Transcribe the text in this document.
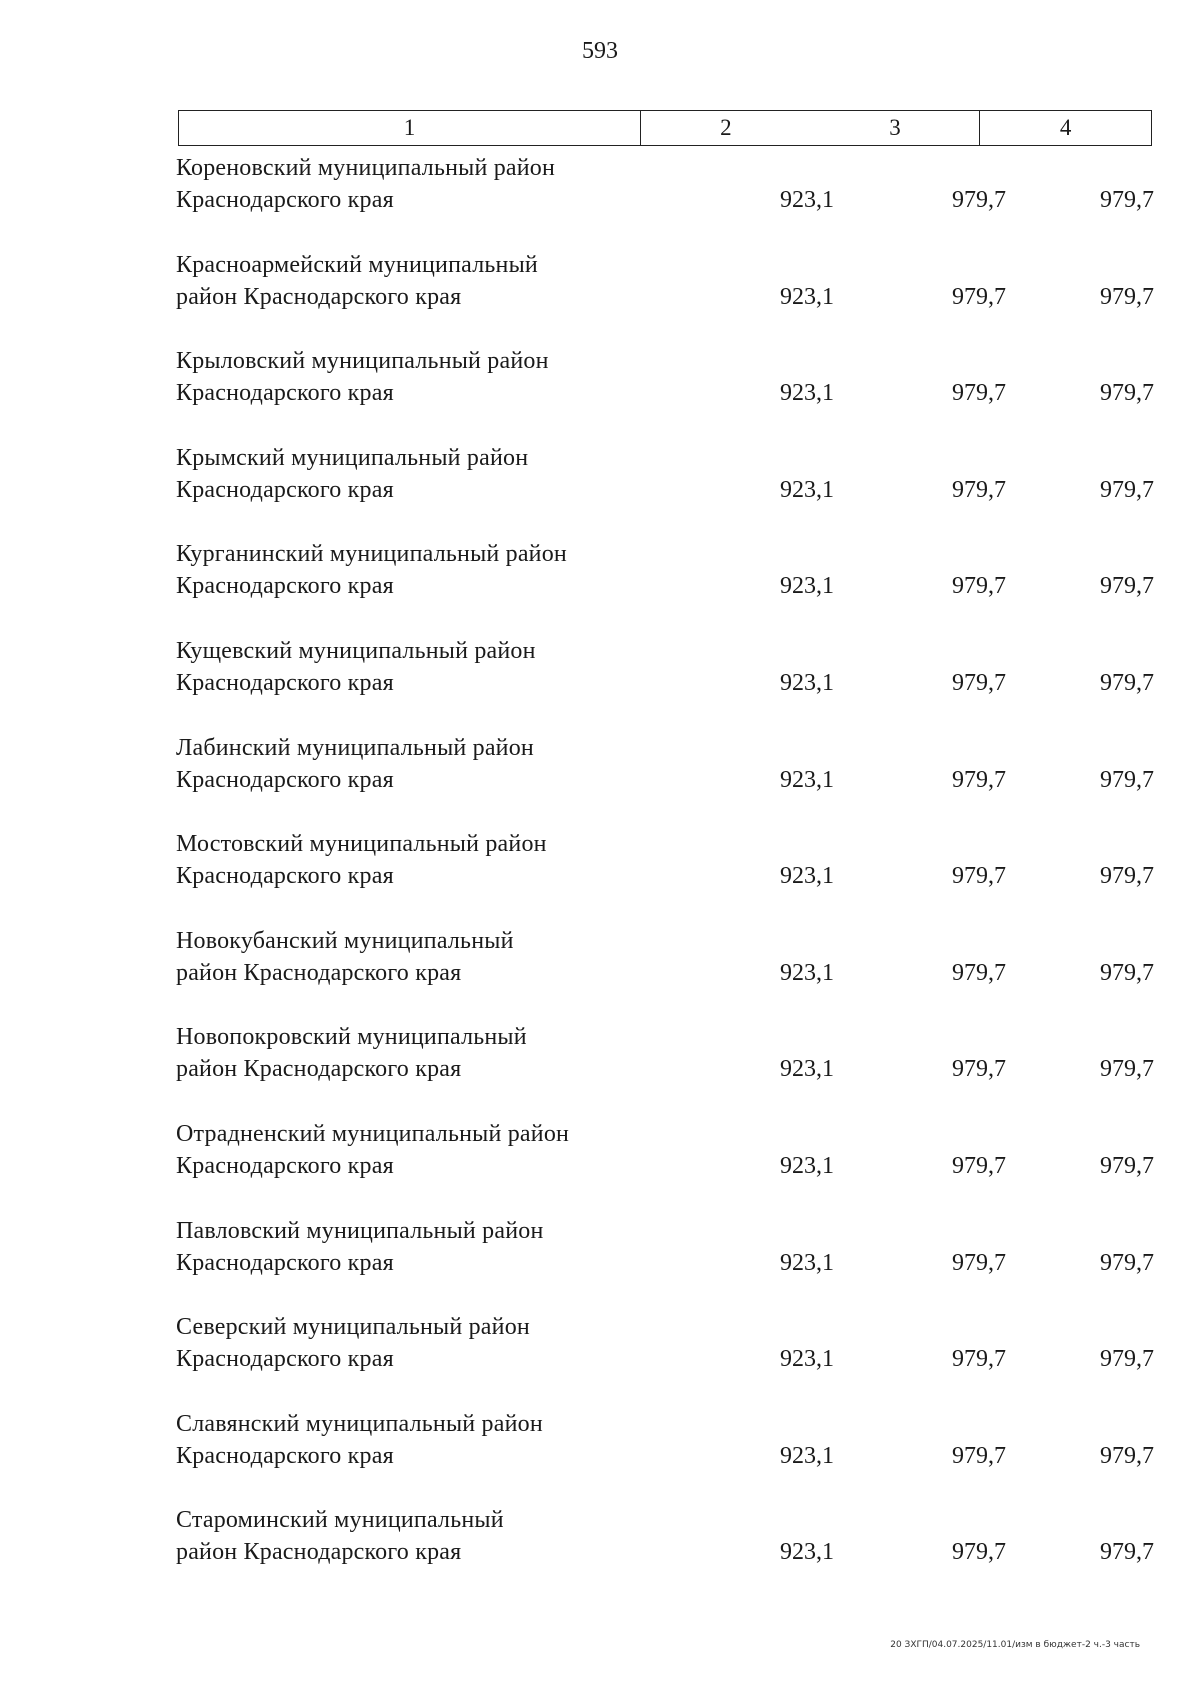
593
1	2	3	4
Кореновский муниципальный район
Краснодарского края	923,1	979,7	979,7
Красноармейский муниципальный
район Краснодарского края	923,1	979,7	979,7
Крыловский муниципальный район
Краснодарского края	923,1	979,7	979,7
Крымский муниципальный район
Краснодарского края	923,1	979,7	979,7
Курганинский муниципальный район
Краснодарского края	923,1	979,7	979,7
Кущевский муниципальный район
Краснодарского края	923,1	979,7	979,7
Лабинский муниципальный район
Краснодарского края	923,1	979,7	979,7
Мостовский муниципальный район
Краснодарского края	923,1	979,7	979,7
Новокубанский муниципальный
район Краснодарского края	923,1	979,7	979,7
Новопокровский муниципальный
район Краснодарского края	923,1	979,7	979,7
Отрадненский муниципальный район
Краснодарского края	923,1	979,7	979,7
Павловский муниципальный район
Краснодарского края	923,1	979,7	979,7
Северский муниципальный район
Краснодарского края	923,1	979,7	979,7
Славянский муниципальный район
Краснодарского края	923,1	979,7	979,7
Староминский муниципальный
район Краснодарского края	923,1	979,7	979,7
20 ЗХГП/04.07.2025/11.01/изм в бюджет-2 ч.-3 часть
